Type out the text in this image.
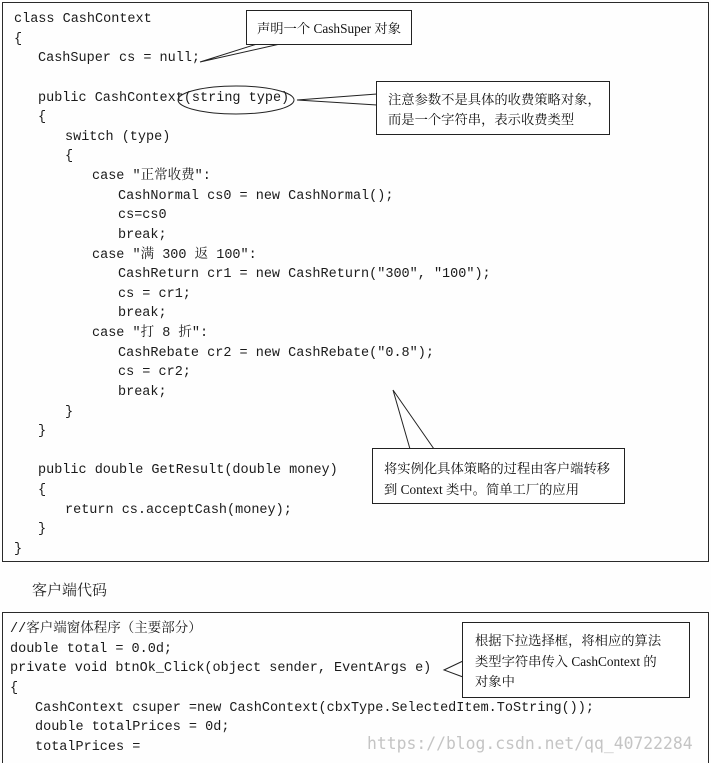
class CashContext
{
CashSuper cs = null;
public CashContext(string type)
{
switch (type)
{
case "正常收费":
CashNormal cs0 = new CashNormal();
cs=cs0
break;
case "满 300 返 100":
CashReturn cr1 = new CashReturn("300", "100");
cs = cr1;
break;
case "打 8 折":
CashRebate cr2 = new CashRebate("0.8");
cs = cr2;
break;
}
}
public double GetResult(double money)
{
return cs.acceptCash(money);
}
}
声明一个 CashSuper 对象
注意参数不是具体的收费策略对象，
而是一个字符串，表示收费类型
将实例化具体策略的过程由客户端转移
到 Context 类中。简单工厂的应用
客户端代码
//客户端窗体程序（主要部分）
double total = 0.0d;
private void btnOk_Click(object sender, EventArgs e)
{
CashContext csuper =new CashContext(cbxType.SelectedItem.ToString());
double totalPrices = 0d;
totalPrices =
根据下拉选择框，将相应的算法
类型字符串传入 CashContext 的
对象中
https://blog.csdn.net/qq_40722284
